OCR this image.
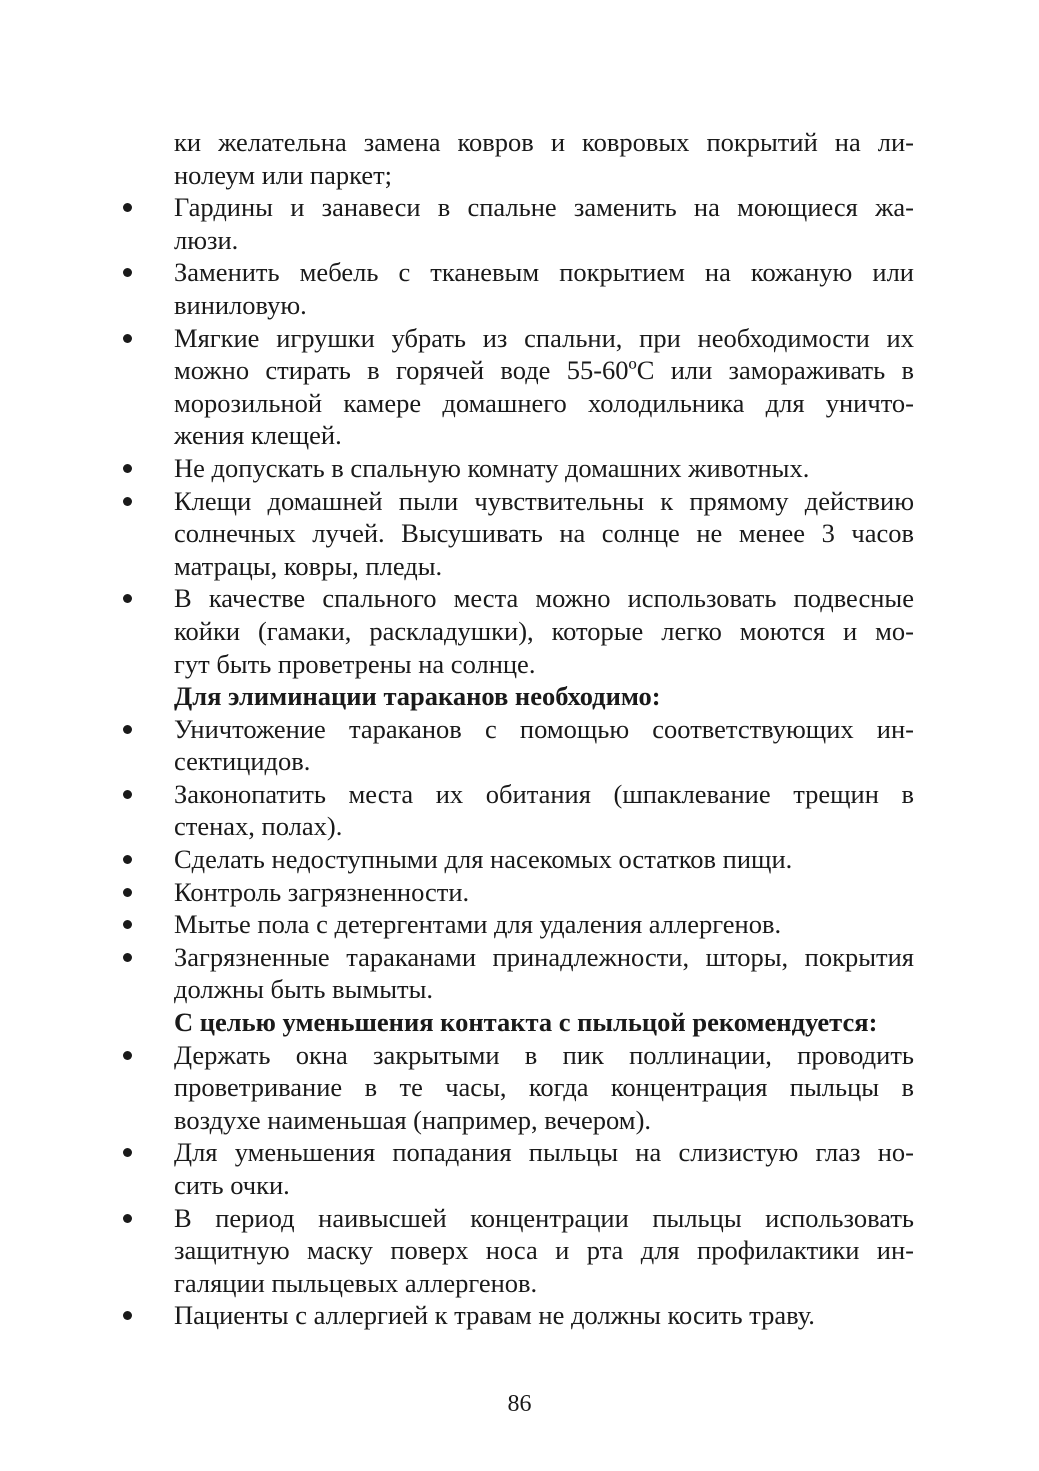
ки желательна замена ковров и ковровых покрытий на ли-
нолеум или паркет;
Гардины и занавеси в спальне заменить на моющиеся жа-
люзи.
Заменить мебель с тканевым покрытием на кожаную или
виниловую.
Мягкие игрушки убрать из спальни, при необходимости их
можно стирать в горячей воде 55-60ºС или замораживать в
морозильной камере домашнего холодильника для уничто-
жения клещей.
Не допускать в спальную комнату домашних животных.
Клещи домашней пыли чувствительны к прямому действию
солнечных лучей. Высушивать на солнце не менее 3 часов
матрацы, ковры, пледы.
В качестве спального места можно использовать подвесные
койки (гамаки, раскладушки), которые легко моются и мо-
гут быть проветрены на солнце.
Для элиминации тараканов необходимо:
Уничтожение тараканов с помощью соответствующих ин-
сектицидов.
Законопатить места их обитания (шпаклевание трещин в
стенах, полах).
Сделать недоступными для насекомых остатков пищи.
Контроль загрязненности.
Мытье пола с детергентами для удаления аллергенов.
Загрязненные тараканами принадлежности, шторы, покрытия
должны быть вымыты.
С целью уменьшения контакта с пыльцой рекомендуется:
Держать окна закрытыми в пик поллинации, проводить
проветривание в те часы, когда концентрация пыльцы в
воздухе наименьшая (например, вечером).
Для уменьшения попадания пыльцы на слизистую глаз но-
сить очки.
В период наивысшей концентрации пыльцы использовать
защитную маску поверх носа и рта для профилактики ин-
галяции пыльцевых аллергенов.
Пациенты с аллергией к травам не должны косить траву.
86
